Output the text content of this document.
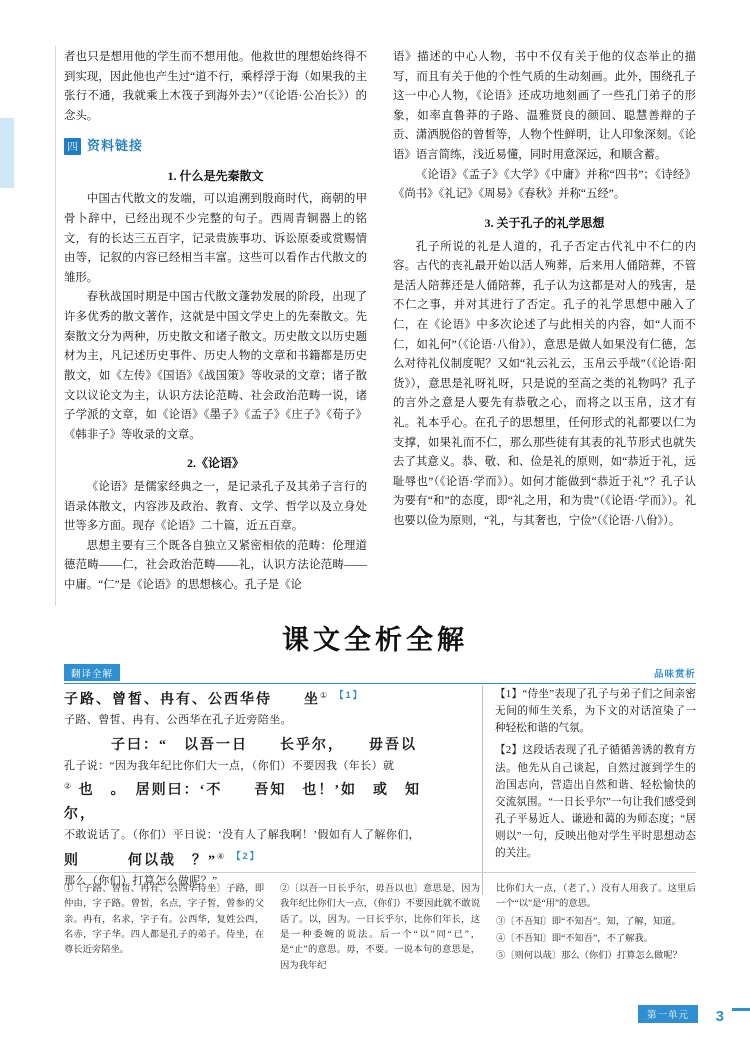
者也只是想用他的学生而不想用他。他救世的理想始终得不到实现，因此他也产生过“道不行，乘桴浮于海（如果我的主张行不通，我就乘上木筏子到海外去）”（《论语·公冶长》）的念头。

四 资料链接
1. 什么是先秦散文

中国古代散文的发端，可以追溯到殷商时代，商朝的甲骨卜辞中，已经出现不少完整的句子。西周青铜器上的铭文，有的长达三五百字，记录贵族事功、诉讼原委或赏赐情由等，记叙的内容已经相当丰富。这些可以看作古代散文的雏形。

春秋战国时期是中国古代散文蓬勃发展的阶段，出现了许多优秀的散文著作，这就是中国文学史上的先秦散文。先秦散文分为两种，历史散文和诸子散文。历史散文以历史题材为主，凡记述历史事件、历史人物的文章和书籍都是历史散文，如《左传》《国语》《战国策》等收录的文章；诸子散文以议论文为主，认识方法论范畴、社会政治范畴一说，诸子学派的文章，如《论语》《墨子》《孟子》《庄子》《荀子》《韩非子》等收录的文章。

2.《论语》

《论语》是儒家经典之一，是记录孔子及其弟子言行的语录体散文，内容涉及政治、教育、文学、哲学以及立身处世等多方面。现存《论语》二十篇，近五百章。

思想主要有三个既各自独立又紧密相依的范畴：伦理道德范畴——仁，社会政治范畴——礼，认识方法论范畴——中庸。“仁”是《论语》的思想核心。孔子是《论

语》描述的中心人物，书中不仅有关于他的仪态举止的描写，而且有关于他的个性气质的生动刻画。此外，围绕孔子这一中心人物，《论语》还成功地刻画了一些孔门弟子的形象，如率直鲁莽的子路、温雅贤良的颜回、聪慧善辩的子贡、潇洒脱俗的曾皙等，人物个性鲜明，让人印象深刻。《论语》语言简练，浅近易懂，同时用意深远，和顺含蓄。

《论语》《孟子》《大学》《中庸》并称“四书”；《诗经》《尚书》《礼记》《周易》《春秋》并称“五经”。

3. 关于孔子的礼学思想

孔子所说的礼是人道的，孔子否定古代礼中不仁的内容。古代的丧礼最开始以活人殉葬，后来用人俑陪葬，不管是活人陪葬还是人俑陪葬，孔子认为这都是对人的残害，是不仁之事，并对其进行了否定。孔子的礼学思想中融入了仁，在《论语》中多次论述了与此相关的内容，如“人而不仁，如礼何”（《论语·八佾》），意思是做人如果没有仁德，怎么对待礼仪制度呢？又如“礼云礼云，玉帛云乎哉”（《论语·阳货》），意思是礼呀礼呀，只是说的至高之类的礼物吗？孔子的言外之意是人要先有恭敬之心，而将之以玉帛，这才有礼。礼本乎心。在孔子的思想里，任何形式的礼都要以仁为支撑，如果礼而不仁，那么那些徒有其表的礼节形式也就失去了其意义。恭、敬、和、俭是礼的原则，如“恭近于礼，远耻辱也”（《论语·学而》）。如何才能做到“恭近于礼”？孔子认为要有“和”的态度，即“礼之用，和为贵”（《论语·学而》）。礼也要以俭为原则，“礼，与其奢也，宁俭”（《论语·八佾》）。

课文全析全解
翻译全解	品味赏析

子路、曾皙、冉有、公西华侍　　坐① $^{【1】}$

子路、曾皙、冉有、公西华在孔子近旁陪坐。

子曰：“　以吾一日　　长乎尔，　　毋吾以

孔子说：“因为我年纪比你们大一点，（你们）不要因我（年长）就

② 也　。　居则曰：‘不　　吾知　也！’如　或　知　尔，

不敢说话了。（你们）平日说：‘没有人了解我啊！’假如有人了解你们，

则　　　何以哉　？”④ $^{【2】}$

那么（你们）打算怎么做呢？”

【1】“侍坐”表现了孔子与弟子们之间亲密无间的师生关系，为下文的对话渲染了一种轻松和谐的气氛。

【2】这段话表现了孔子循循善诱的教育方法。他先从自己谈起，自然过渡到学生的治国志向，营造出自然和谐、轻松愉快的交流氛围。“一日长乎尔”一句让我们感受到孔子平易近人、谦逊和蔼的为师态度；“居则以”一句，反映出他对学生平时思想动态的关注。

①〔子路、曾皙、冉有、公西华侍坐〕子路，即仲由，字子路。曾皙，名点，字子皙，曾参的父亲。冉有，名求，字子有。公西华，复姓公西，名赤，字子华。四人都是孔子的弟子。侍坐，在尊长近旁陪坐。

②〔以吾一日长乎尔，毋吾以也〕意思是，因为我年纪比你们大一点，（你们）不要因此就不敢说话了。以，因为。一日长乎尔，比你们年长，这是一种委婉的说法。后一个“以”同“已”，是“止”的意思。毋，不要。一说本句的意思是，因为我年纪

比你们大一点，（老了，）没有人用我了。这里后一个“以”是“用”的意思。

③〔不吾知〕即“不知吾”。知，了解，知道。

④〔不吾知〕即“不知吾”，不了解我。

⑤〔则何以哉〕那么（你们）打算怎么做呢？

第一单元	3
